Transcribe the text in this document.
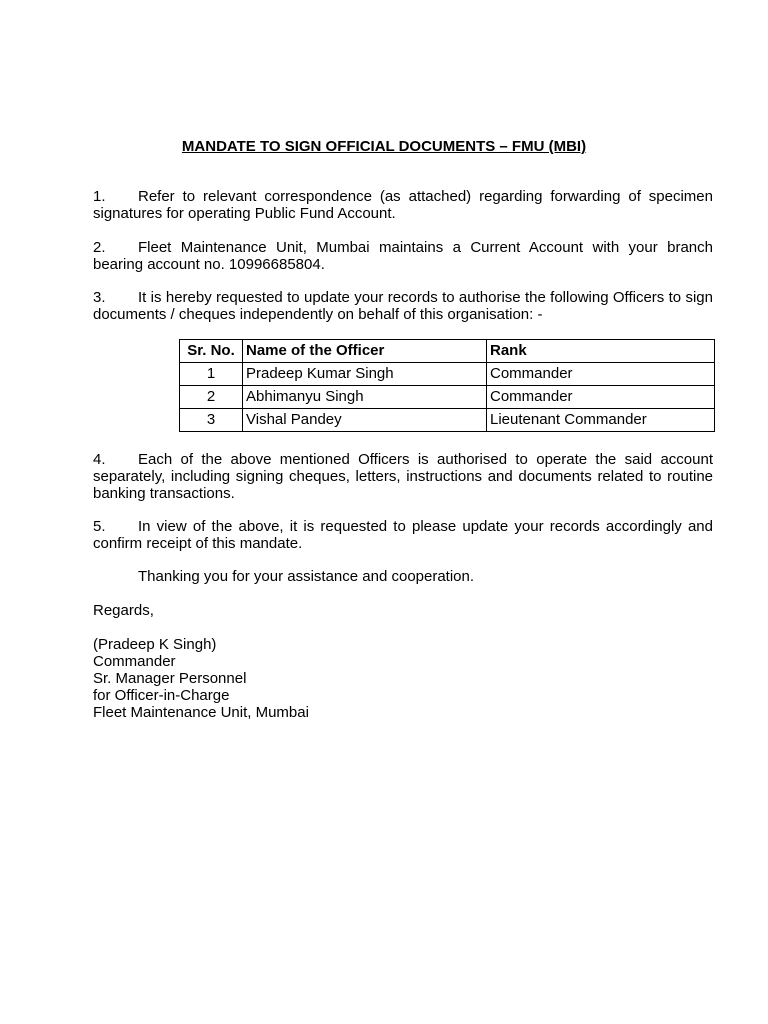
MANDATE TO SIGN OFFICIAL DOCUMENTS – FMU (MBI)
1. Refer to relevant correspondence (as attached) regarding forwarding of specimen signatures for operating Public Fund Account.
2. Fleet Maintenance Unit, Mumbai maintains a Current Account with your branch bearing account no. 10996685804.
3. It is hereby requested to update your records to authorise the following Officers to sign documents / cheques independently on behalf of this organisation: -
Sr. No.	Name of the Officer	Rank
1	Pradeep Kumar Singh	Commander
2	Abhimanyu Singh	Commander
3	Vishal Pandey	Lieutenant Commander
4. Each of the above mentioned Officers is authorised to operate the said account separately, including signing cheques, letters, instructions and documents related to routine banking transactions.
5. In view of the above, it is requested to please update your records accordingly and confirm receipt of this mandate.
Thanking you for your assistance and cooperation.
Regards,
(Pradeep K Singh)
Commander
Sr. Manager Personnel
for Officer-in-Charge
Fleet Maintenance Unit, Mumbai
